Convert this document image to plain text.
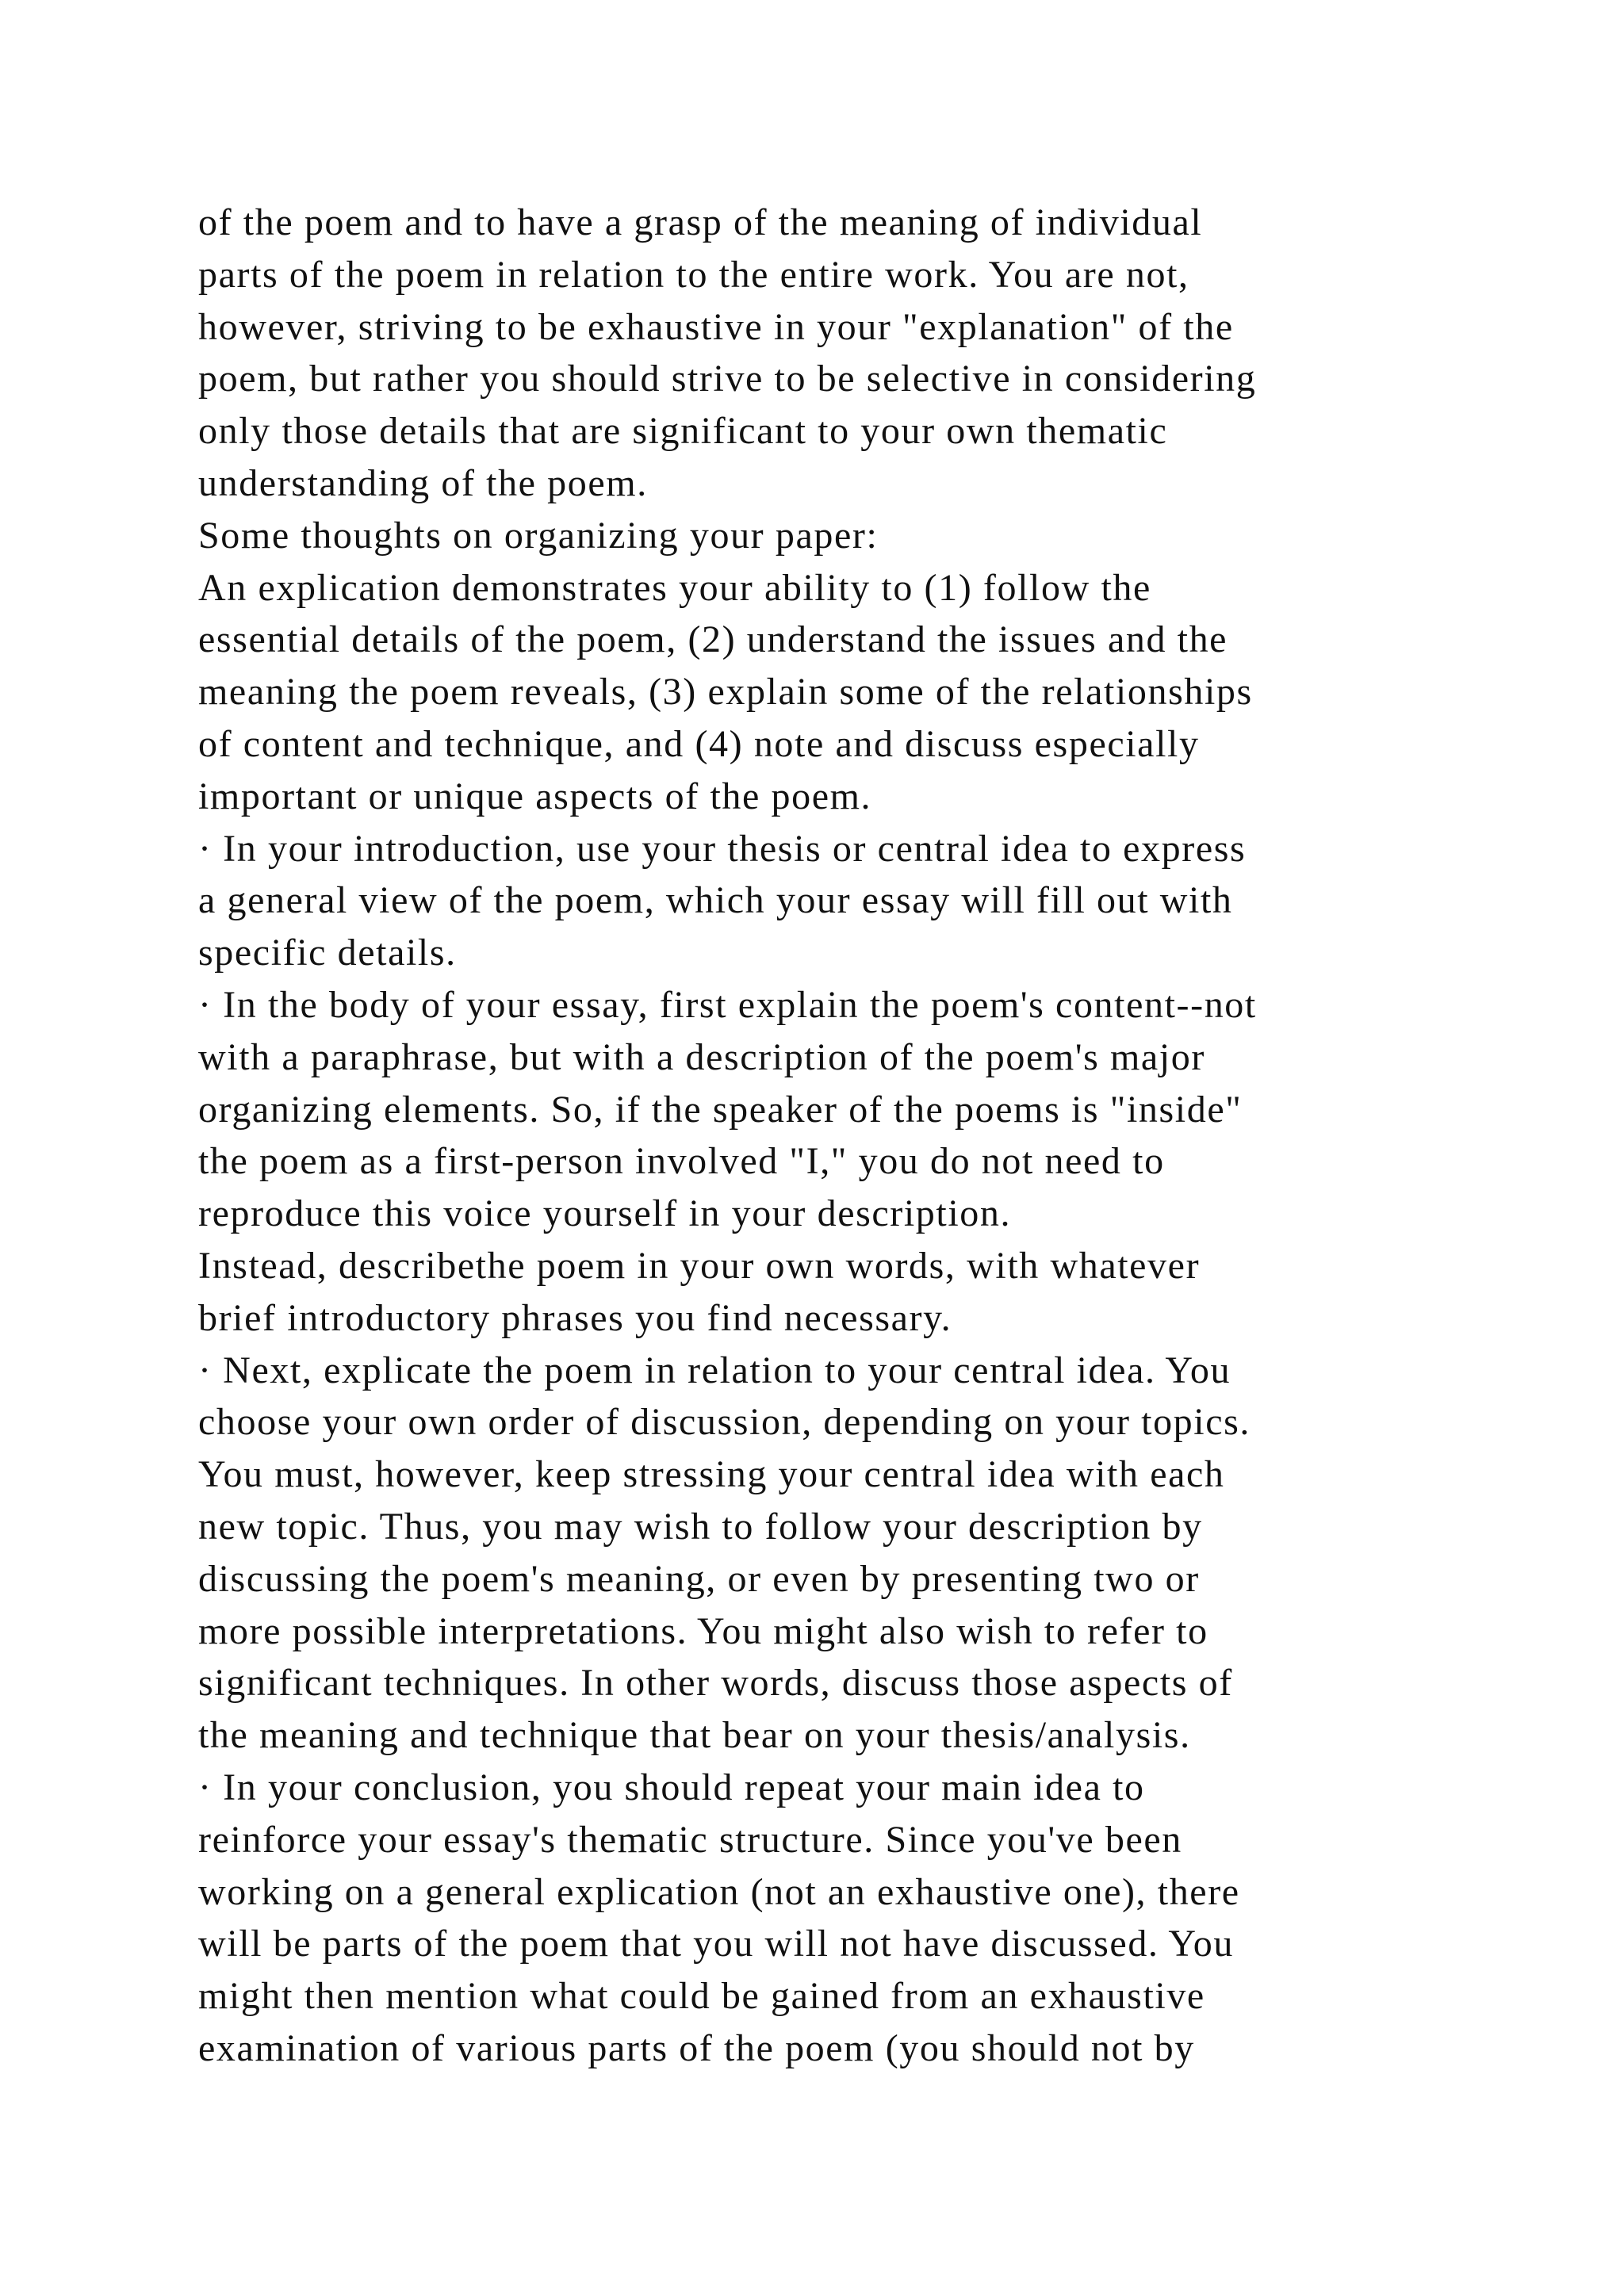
of the poem and to have a grasp of the meaning of individual
parts of the poem in relation to the entire work. You are not,
however, striving to be exhaustive in your "explanation" of the
poem, but rather you should strive to be selective in considering
only those details that are significant to your own thematic
understanding of the poem.
Some thoughts on organizing your paper:
An explication demonstrates your ability to (1) follow the
essential details of the poem, (2) understand the issues and the
meaning the poem reveals, (3) explain some of the relationships
of content and technique, and (4) note and discuss especially
important or unique aspects of the poem.
· In your introduction, use your thesis or central idea to express
a general view of the poem, which your essay will fill out with
specific details.
· In the body of your essay, first explain the poem's content--not
with a paraphrase, but with a description of the poem's major
organizing elements. So, if the speaker of the poems is "inside"
the poem as a first-person involved "I," you do not need to
reproduce this voice yourself in your description.
Instead, describethe poem in your own words, with whatever
brief introductory phrases you find necessary.
· Next, explicate the poem in relation to your central idea. You
choose your own order of discussion, depending on your topics.
You must, however, keep stressing your central idea with each
new topic. Thus, you may wish to follow your description by
discussing the poem's meaning, or even by presenting two or
more possible interpretations. You might also wish to refer to
significant techniques. In other words, discuss those aspects of
the meaning and technique that bear on your thesis/analysis.
· In your conclusion, you should repeat your main idea to
reinforce your essay's thematic structure. Since you've been
working on a general explication (not an exhaustive one), there
will be parts of the poem that you will not have discussed. You
might then mention what could be gained from an exhaustive
examination of various parts of the poem (you should not by
